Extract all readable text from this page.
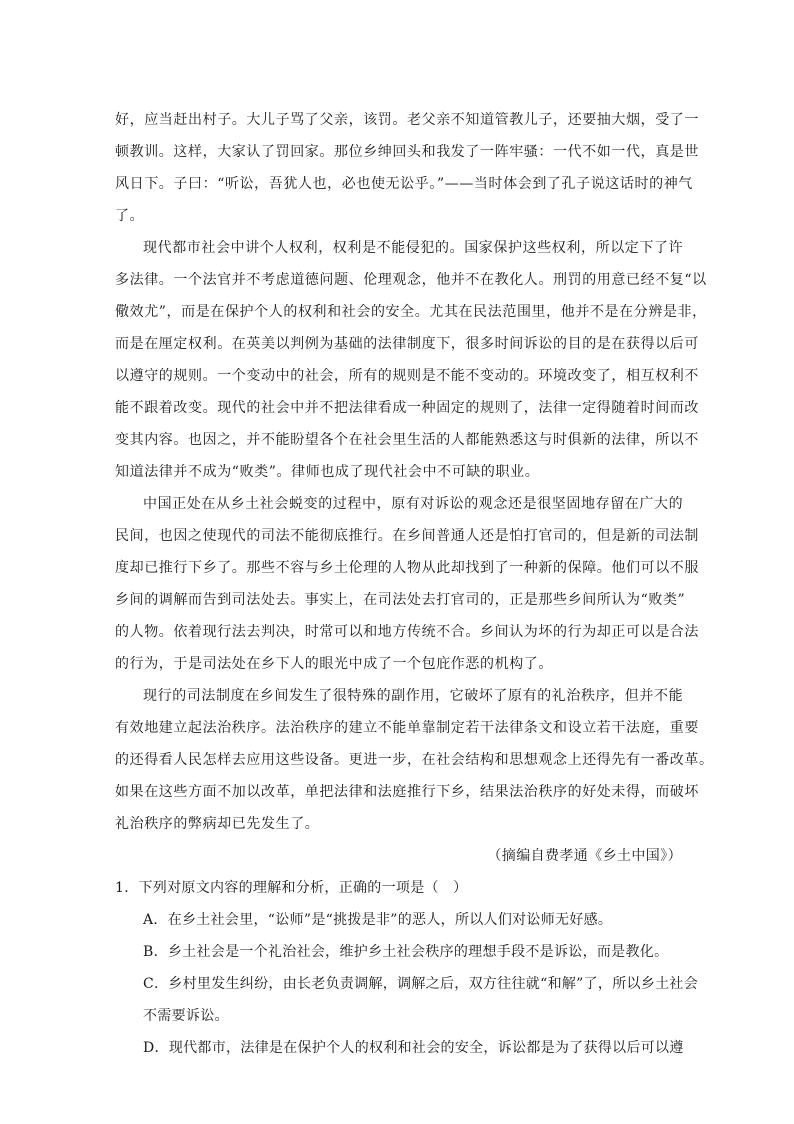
好，应当赶出村子。大儿子骂了父亲，该罚。老父亲不知道管教儿子，还要抽大烟，受了一
顿教训。这样，大家认了罚回家。那位乡绅回头和我发了一阵牢骚：一代不如一代，真是世
风日下。子曰：“听讼，吾犹人也，必也使无讼乎。”——当时体会到了孔子说这话时的神气
了。
现代都市社会中讲个人权利，权利是不能侵犯的。国家保护这些权利，所以定下了许
多法律。一个法官并不考虑道德问题、伦理观念，他并不在教化人。刑罚的用意已经不复“以
儆效尤”，而是在保护个人的权利和社会的安全。尤其在民法范围里，他并不是在分辨是非，
而是在厘定权利。在英美以判例为基础的法律制度下，很多时间诉讼的目的是在获得以后可
以遵守的规则。一个变动中的社会，所有的规则是不能不变动的。环境改变了，相互权利不
能不跟着改变。现代的社会中并不把法律看成一种固定的规则了，法律一定得随着时间而改
变其内容。也因之，并不能盼望各个在社会里生活的人都能熟悉这与时俱新的法律，所以不
知道法律并不成为“败类”。律师也成了现代社会中不可缺的职业。
中国正处在从乡土社会蜕变的过程中，原有对诉讼的观念还是很坚固地存留在广大的
民间，也因之使现代的司法不能彻底推行。在乡间普通人还是怕打官司的，但是新的司法制
度却已推行下乡了。那些不容与乡土伦理的人物从此却找到了一种新的保障。他们可以不服
乡间的调解而告到司法处去。事实上，在司法处去打官司的，正是那些乡间所认为“败类”
的人物。依着现行法去判决，时常可以和地方传统不合。乡间认为坏的行为却正可以是合法
的行为，于是司法处在乡下人的眼光中成了一个包庇作恶的机构了。
现行的司法制度在乡间发生了很特殊的副作用，它破坏了原有的礼治秩序，但并不能
有效地建立起法治秩序。法治秩序的建立不能单靠制定若干法律条文和设立若干法庭，重要
的还得看人民怎样去应用这些设备。更进一步，在社会结构和思想观念上还得先有一番改革。
如果在这些方面不加以改革，单把法律和法庭推行下乡，结果法治秩序的好处未得，而破坏
礼治秩序的弊病却已先发生了。
（摘编自费孝通《乡土中国》）
1．下列对原文内容的理解和分析，正确的一项是（　）
A．在乡土社会里，“讼师”是“挑拨是非”的恶人，所以人们对讼师无好感。
B．乡土社会是一个礼治社会，维护乡土社会秩序的理想手段不是诉讼，而是教化。
C．乡村里发生纠纷，由长老负责调解，调解之后，双方往往就“和解”了，所以乡土社会
不需要诉讼。
D．现代都市，法律是在保护个人的权利和社会的安全，诉讼都是为了获得以后可以遵
